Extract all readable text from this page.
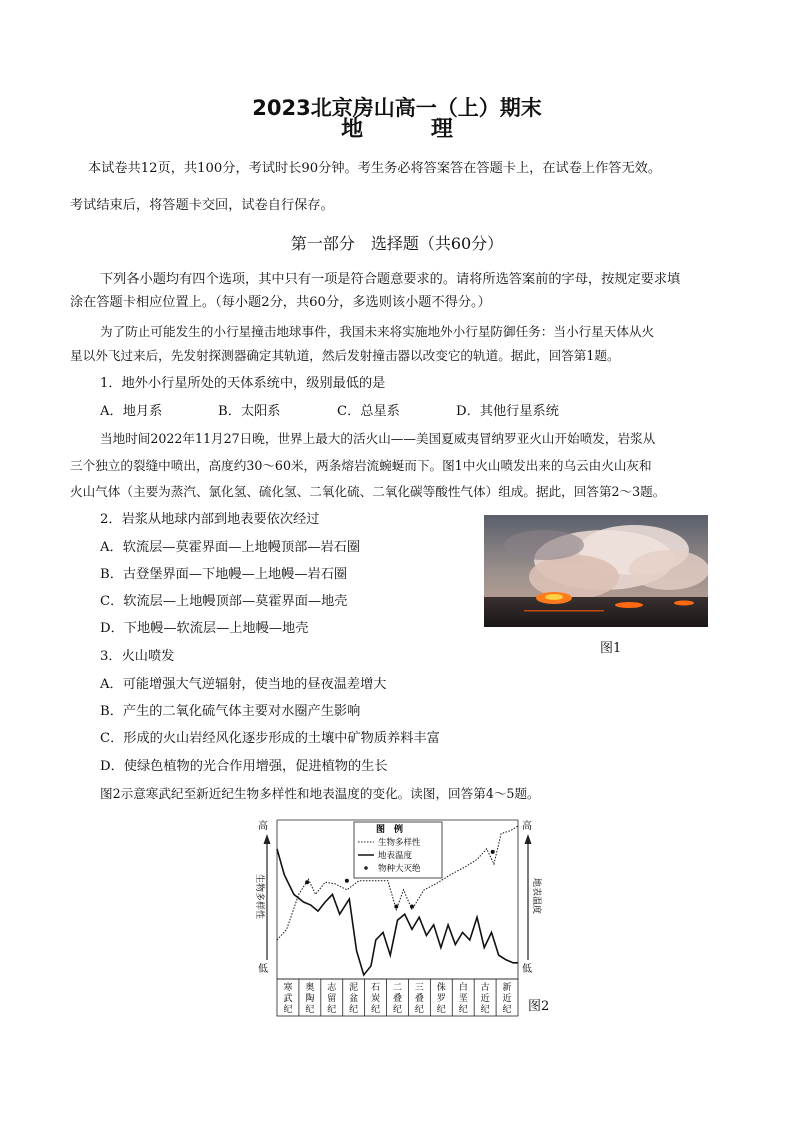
2023北京房山高一（上）期末
地 理
本试卷共12页，共100分，考试时长90分钟。考生务必将答案答在答题卡上，在试卷上作答无效。
考试结束后，将答题卡交回，试卷自行保存。
第一部分　选择题（共60分）
下列各小题均有四个选项，其中只有一项是符合题意要求的。请将所选答案前的字母，按规定要求填
涂在答题卡相应位置上。（每小题2分，共60分，多选则该小题不得分。）
为了防止可能发生的小行星撞击地球事件，我国未来将实施地外小行星防御任务：当小行星天体从火
星以外飞过来后，先发射探测器确定其轨道，然后发射撞击器以改变它的轨道。据此，回答第1题。
1．地外小行星所处的天体系统中，级别最低的是
A．地月系	B．太阳系	C．总星系	D．其他行星系统
当地时间2022年11月27日晚，世界上最大的活火山——美国夏威夷冒纳罗亚火山开始喷发，岩浆从
三个独立的裂缝中喷出，高度约30～60米，两条熔岩流蜿蜒而下。图1中火山喷发出来的乌云由火山灰和
火山气体（主要为蒸汽、氯化氢、硫化氢、二氧化硫、二氧化碳等酸性气体）组成。据此，回答第2～3题。
2．岩浆从地球内部到地表要依次经过
A．软流层—莫霍界面—上地幔顶部—岩石圈
B．古登堡界面—下地幔—上地幔—岩石圈
C．软流层—上地幔顶部—莫霍界面—地壳
D．下地幔—软流层—上地幔—地壳
图1
3．火山喷发
A．可能增强大气逆辐射，使当地的昼夜温差增大
B．产生的二氧化硫气体主要对水圈产生影响
C．形成的火山岩经风化逐步形成的土壤中矿物质养料丰富
D．使绿色植物的光合作用增强，促进植物的生长
图2示意寒武纪至新近纪生物多样性和地表温度的变化。读图，回答第4～5题。
高
低
高
低
生物多样性	地表温度
图　例
生物多样性
地表温度
物种大灭绝
寒
武
纪
奥
陶
纪
志
留
纪
泥
盆
纪
石
炭
纪
二
叠
纪
三
叠
纪
侏
罗
纪
白
垩
纪
古
近
纪
新
近
纪 图2
